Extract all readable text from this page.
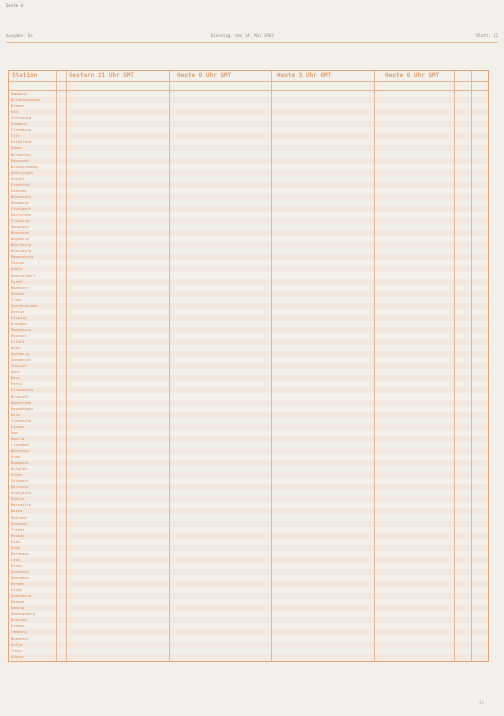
Seite 4
Ausgabe: 6a	Dienstag, den 14. Mai 1963	Blatt: 12
Station	Gestern 21 Uhr GMT	Heute 0 Uhr GMT	Heute 3 Uhr GMT	Heute 6 Uhr GMT
Hamburg
Wilhelmshaven
Bremen
Kiel
Schleswig
Fehmarn
Flensburg
Sylt
Helgoland
Emden
Norderney
Hannover
Braunschweig
Goettingen
Kassel
Frankfurt
Giessen
Wiesbaden
Mannheim
Stuttgart
Karlsruhe
Freiburg
Konstanz
Muenchen
Augsburg
Nuernberg
Wuerzburg
Regensburg
Passau
Koeln
Duesseldorf
Essen
Muenster
Aachen
Trier
Saarbruecken
Berlin
Leipzig
Dresden
Magdeburg
Rostock
Erfurt
Wien
Salzburg
Innsbruck
Zuerich
Genf
Bern
Paris
Strassburg
Bruessel
Amsterdam
Kopenhagen
Oslo
Stockholm
London
Rom
Madrid
Lissabon
Warschau
Prag
Budapest
Belgrad
Athen
Istanbul
Helsinki
Reykjavik
Dublin
Marseille
Nizza
Mailand
Venedig
Triest
Moskau
Kiew
Riga
Bordeaux
Lyon
Brest
Valentia
Aberdeen
Bergen
Visby
Goeteborg
Malmoe
Danzig
Koenigsberg
Breslau
Krakau
Lemberg
Bukarest
Sofia
Tunis
Algier
41
